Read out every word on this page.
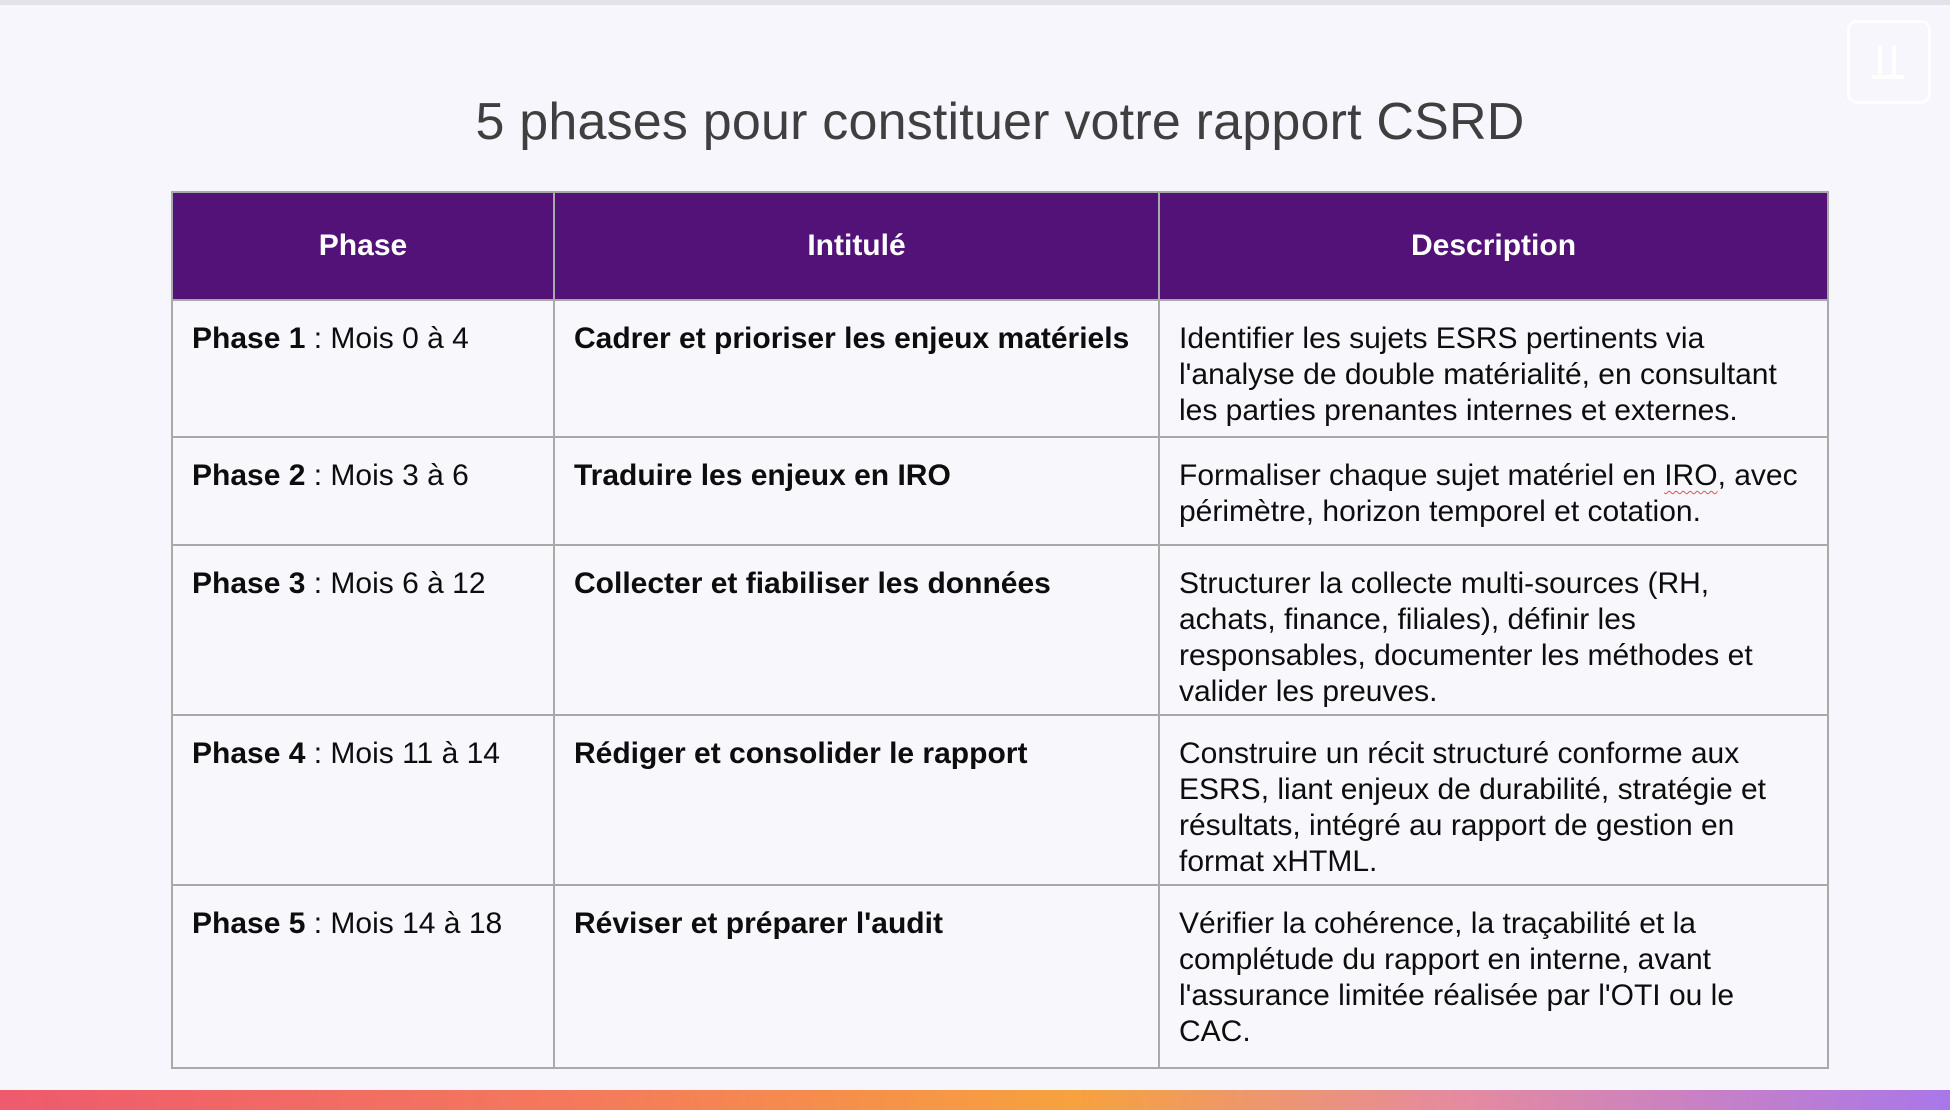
5 phases pour constituer votre rapport CSRD
Phase	Intitulé	Description
Phase 1 : Mois 0 à 4	Cadrer et prioriser les enjeux matériels	Identifier les sujets ESRS pertinents via l'analyse de double matérialité, en consultant les parties prenantes internes et externes.
Phase 2 : Mois 3 à 6	Traduire les enjeux en IRO	Formaliser chaque sujet matériel en IRO, avec périmètre, horizon temporel et cotation.
Phase 3 : Mois 6 à 12	Collecter et fiabiliser les données	Structurer la collecte multi-sources (RH, achats, finance, filiales), définir les responsables, documenter les méthodes et valider les preuves.
Phase 4 : Mois 11 à 14	Rédiger et consolider le rapport	Construire un récit structuré conforme aux ESRS, liant enjeux de durabilité, stratégie et résultats, intégré au rapport de gestion en format xHTML.
Phase 5 : Mois 14 à 18	Réviser et préparer l'audit	Vérifier la cohérence, la traçabilité et la complétude du rapport en interne, avant l'assurance limitée réalisée par l'OTI ou le CAC.
